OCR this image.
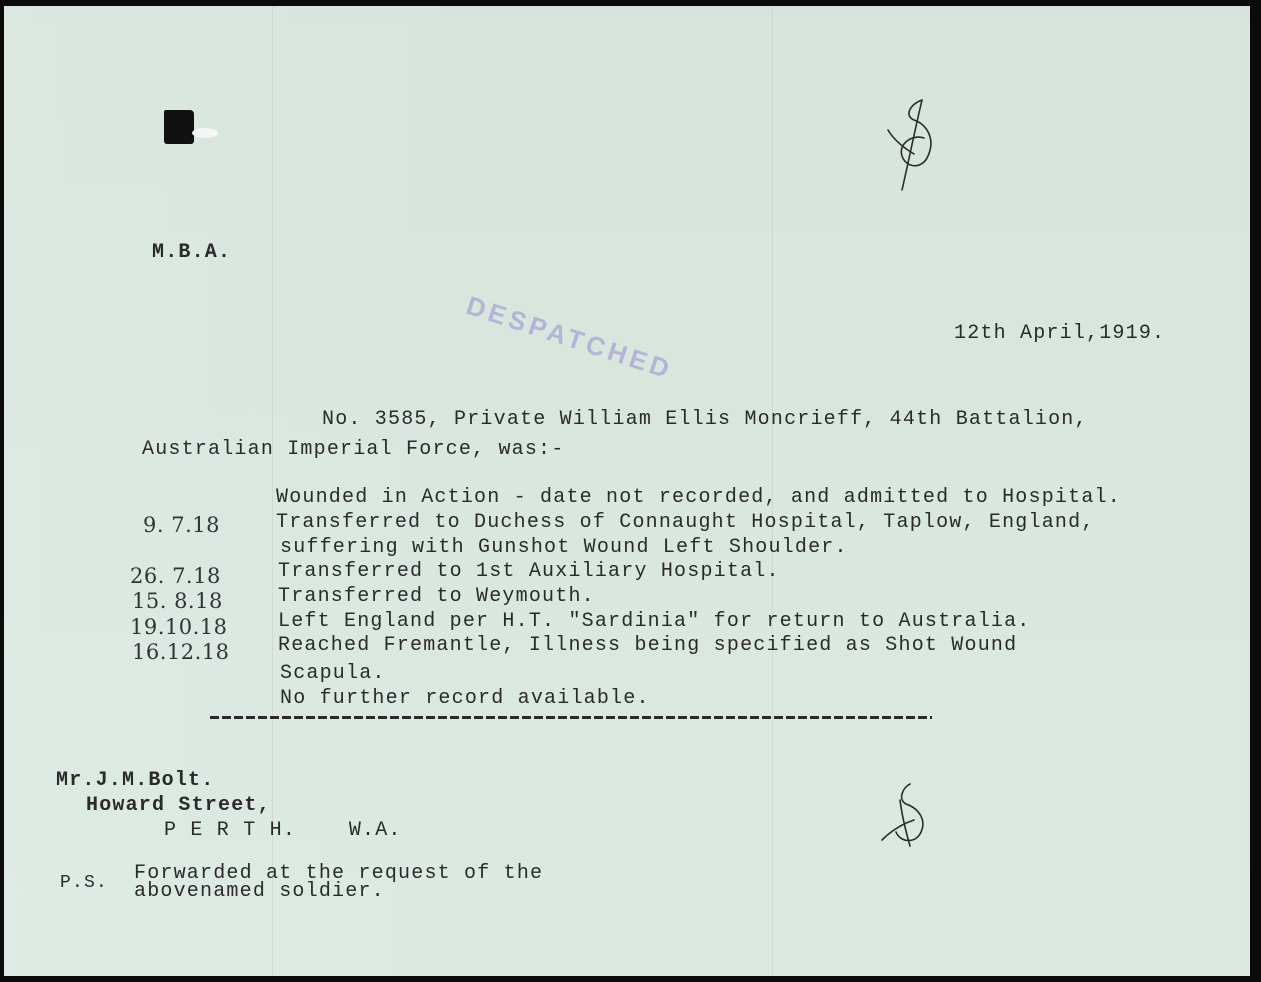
DESPATCHED
M.B.A.
12th April,1919.
No. 3585, Private William Ellis Moncrieff, 44th Battalion,
Australian Imperial Force, was:-
Wounded in Action - date not recorded, and admitted to Hospital.
9. 7.18	Transferred to Duchess of Connaught Hospital, Taplow, England,
suffering with Gunshot Wound Left Shoulder.
26. 7.18	Transferred to 1st Auxiliary Hospital.
15. 8.18	Transferred to Weymouth.
19.10.18	Left England per H.T. "Sardinia" for return to Australia.
16.12.18 Reached Fremantle, Illness being specified as Shot Wound
Scapula.
No further record available.
Mr.J.M.Bolt.
Howard Street,
P E R T H.    W.A.
P.S. Forwarded at the request of the
abovenamed soldier.
